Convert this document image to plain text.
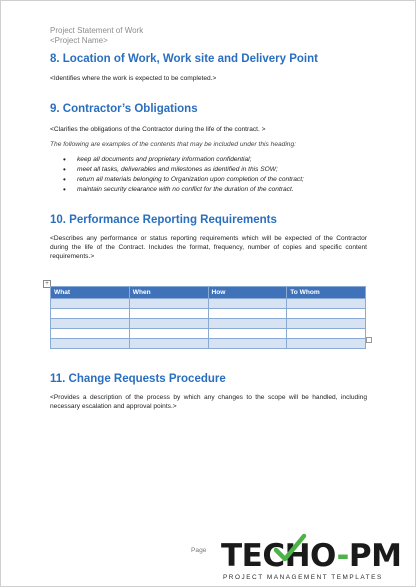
Project Statement of Work
<Project Name>
8. Location of Work, Work site and Delivery Point
<Identifies where the work is expected to be completed.>
9. Contractor’s Obligations
<Clarifies the obligations of the Contractor during the life of the contract. >
The following are examples of the contents that may be included under this heading:
• keep all documents and proprietary information confidential;
• meet all tasks, deliverables and milestones as identified in this SOW;
• return all materials belonging to Organization upon completion of the contract;
• maintain security clearance with no conflict for the duration of the contract.
10. Performance Reporting Requirements
<Describes any performance or status reporting requirements which will be expected of the Contractor during the life of the Contract. Includes the format, frequency, number of copies and specific content requirements.>
+
What	When	How	To Whom

11. Change Requests Procedure
<Provides a description of the process by which any changes to the scope will be handled, including necessary escalation and approval points.>
Page TECHO-PM
PROJECT MANAGEMENT TEMPLATES
